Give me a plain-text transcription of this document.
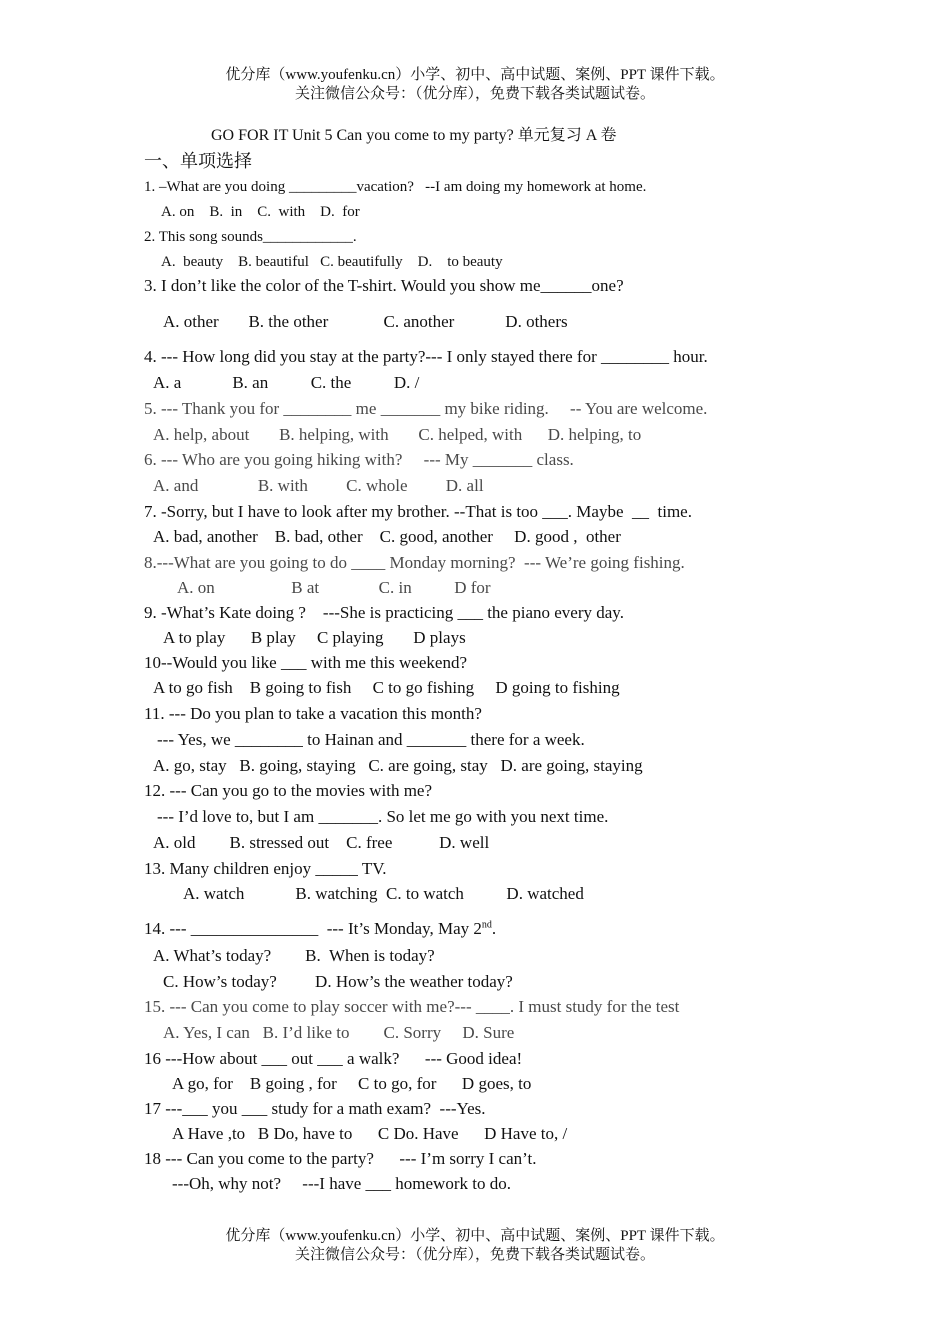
优分库（www.youfenku.cn）小学、初中、高中试题、案例、PPT 课件下载。
关注微信公众号：（优分库），免费下载各类试题试卷。
GO FOR IT Unit 5 Can you come to my party? 单元复习 A 卷
一、单项选择
1. –What are you doing _________vacation?   --I am doing my homework at home.
A. on    B.  in    C.  with    D.  for
2. This song sounds____________.
A.  beauty    B. beautiful   C. beautifully    D.    to beauty
3. I don’t like the color of the T-shirt. Would you show me______one?
A. other       B. the other             C. another            D. others
4. --- How long did you stay at the party?--- I only stayed there for ________ hour.
A. a            B. an          C. the          D. /
5. --- Thank you for ________ me _______ my bike riding.     -- You are welcome.
A. help, about       B. helping, with       C. helped, with      D. helping, to
6. --- Who are you going hiking with?     --- My _______ class.
A. and              B. with         C. whole         D. all
7. -Sorry, but I have to look after my brother. --That is too ___. Maybe  __  time.
A. bad, another    B. bad, other    C. good, another     D. good ,  other
8.---What are you going to do ____ Monday morning?  --- We’re going fishing.
A. on                  B at              C. in          D for
9. -What’s Kate doing ?    ---She is practicing ___ the piano every day.
A to play      B play     C playing       D plays
10--Would you like ___ with me this weekend?
A to go fish    B going to fish     C to go fishing     D going to fishing
11. --- Do you plan to take a vacation this month?
--- Yes, we ________ to Hainan and _______ there for a week.
A. go, stay   B. going, staying   C. are going, stay   D. are going, staying
12. --- Can you go to the movies with me?
--- I’d love to, but I am _______. So let me go with you next time.
A. old        B. stressed out    C. free           D. well
13. Many children enjoy _____ TV.
A. watch            B. watching  C. to watch          D. watched
14. --- _______________  --- It’s Monday, May 2nd.
A. What’s today?        B.  When is today?
C. How’s today?         D. How’s the weather today?
15. --- Can you come to play soccer with me?--- ____. I must study for the test
A. Yes, I can   B. I’d like to        C. Sorry     D. Sure
16 ---How about ___ out ___ a walk?      --- Good idea!
A go, for    B going , for     C to go, for      D goes, to
17 ---___ you ___ study for a math exam?  ---Yes.
A Have ,to   B Do, have to      C Do. Have      D Have to, /
18 --- Can you come to the party?      --- I’m sorry I can’t.
---Oh, why not?     ---I have ___ homework to do.
优分库（www.youfenku.cn）小学、初中、高中试题、案例、PPT 课件下载。
关注微信公众号：（优分库），免费下载各类试题试卷。
